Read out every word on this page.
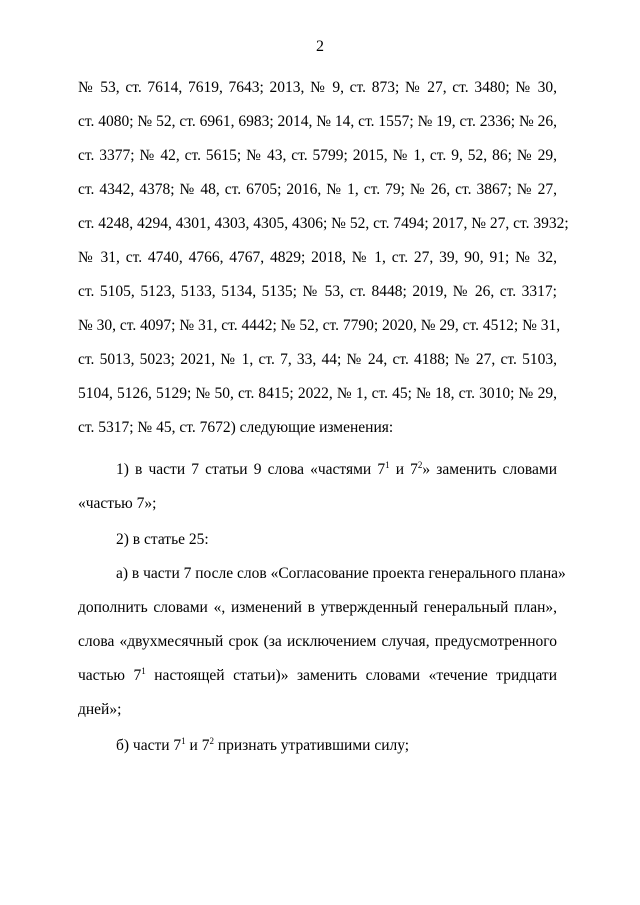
2
№ 53, ст. 7614, 7619, 7643; 2013, № 9, ст. 873; № 27, ст. 3480; № 30,
ст. 4080; № 52, ст. 6961, 6983; 2014, № 14, ст. 1557; № 19, ст. 2336; № 26,
ст. 3377; № 42, ст. 5615; № 43, ст. 5799; 2015, № 1, ст. 9, 52, 86; № 29,
ст. 4342, 4378; № 48, ст. 6705; 2016, № 1, ст. 79; № 26, ст. 3867; № 27,
ст. 4248, 4294, 4301, 4303, 4305, 4306; № 52, ст. 7494; 2017, № 27, ст. 3932;
№ 31, ст. 4740, 4766, 4767, 4829; 2018, № 1, ст. 27, 39, 90, 91; № 32,
ст. 5105, 5123, 5133, 5134, 5135; № 53, ст. 8448; 2019, № 26, ст. 3317;
№ 30, ст. 4097; № 31, ст. 4442; № 52, ст. 7790; 2020, № 29, ст. 4512; № 31,
ст. 5013, 5023; 2021, № 1, ст. 7, 33, 44; № 24, ст. 4188; № 27, ст. 5103,
5104, 5126, 5129; № 50, ст. 8415; 2022, № 1, ст. 45; № 18, ст. 3010; № 29,
ст. 5317; № 45, ст. 7672) следующие изменения:
1) в части 7 статьи 9 слова «частями $7^1$ и $7^2$» заменить словами
«частью 7»;
2) в статье 25:
а) в части 7 после слов «Согласование проекта генерального плана»
дополнить словами «, изменений в утвержденный генеральный план»,
слова «двухмесячный срок (за исключением случая, предусмотренного
частью $7^1$ настоящей статьи)» заменить словами «течение тридцати
дней»;
б) части $7^1$ и $7^2$ признать утратившими силу;
